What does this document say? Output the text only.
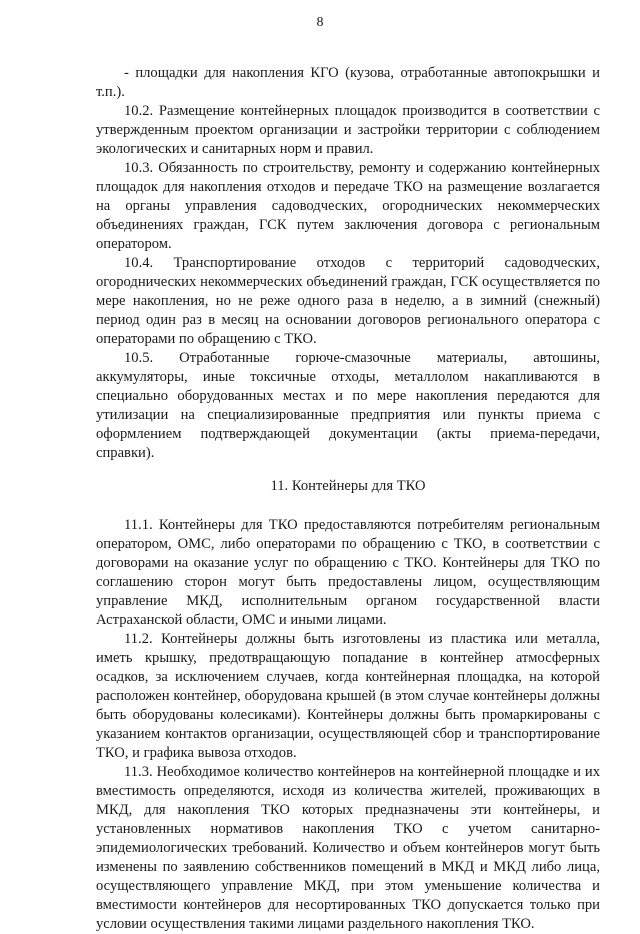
8

- площадки для накопления КГО (кузова, отработанные автопокрышки и т.п.).

10.2. Размещение контейнерных площадок производится в соответствии с утвержденным проектом организации и застройки территории с соблюдением экологических и санитарных норм и правил.

10.3. Обязанность по строительству, ремонту и содержанию контейнерных площадок для накопления отходов и передаче ТКО на размещение возлагается на органы управления садоводческих, огороднических некоммерческих объединениях граждан, ГСК путем заключения договора с региональным оператором.

10.4. Транспортирование отходов с территорий садоводческих, огороднических некоммерческих объединений граждан, ГСК осуществляется по мере накопления, но не реже одного раза в неделю, а в зимний (снежный) период один раз в месяц на основании договоров регионального оператора с операторами по обращению с ТКО.

10.5. Отработанные горюче-смазочные материалы, автошины, аккумуляторы, иные токсичные отходы, металлолом накапливаются в специально оборудованных местах и по мере накопления передаются для утилизации на специализированные предприятия или пункты приема с оформлением подтверждающей документации (акты приема-передачи, справки).

11. Контейнеры для ТКО

11.1. Контейнеры для ТКО предоставляются потребителям региональным оператором, ОМС, либо операторами по обращению с ТКО, в соответствии с договорами на оказание услуг по обращению с ТКО. Контейнеры для ТКО по соглашению сторон могут быть предоставлены лицом, осуществляющим управление МКД, исполнительным органом государственной власти Астраханской области, ОМС и иными лицами.

11.2. Контейнеры должны быть изготовлены из пластика или металла, иметь крышку, предотвращающую попадание в контейнер атмосферных осадков, за исключением случаев, когда контейнерная площадка, на которой расположен контейнер, оборудована крышей (в этом случае контейнеры должны быть оборудованы колесиками). Контейнеры должны быть промаркированы с указанием контактов организации, осуществляющей сбор и транспортирование ТКО, и графика вывоза отходов.

11.3. Необходимое количество контейнеров на контейнерной площадке и их вместимость определяются, исходя из количества жителей, проживающих в МКД, для накопления ТКО которых предназначены эти контейнеры, и установленных нормативов накопления ТКО с учетом санитарно-эпидемиологических требований. Количество и объем контейнеров могут быть изменены по заявлению собственников помещений в МКД и МКД либо лица, осуществляющего управление МКД, при этом уменьшение количества и вместимости контейнеров для несортированных ТКО допускается только при условии осуществления такими лицами раздельного накопления ТКО.
